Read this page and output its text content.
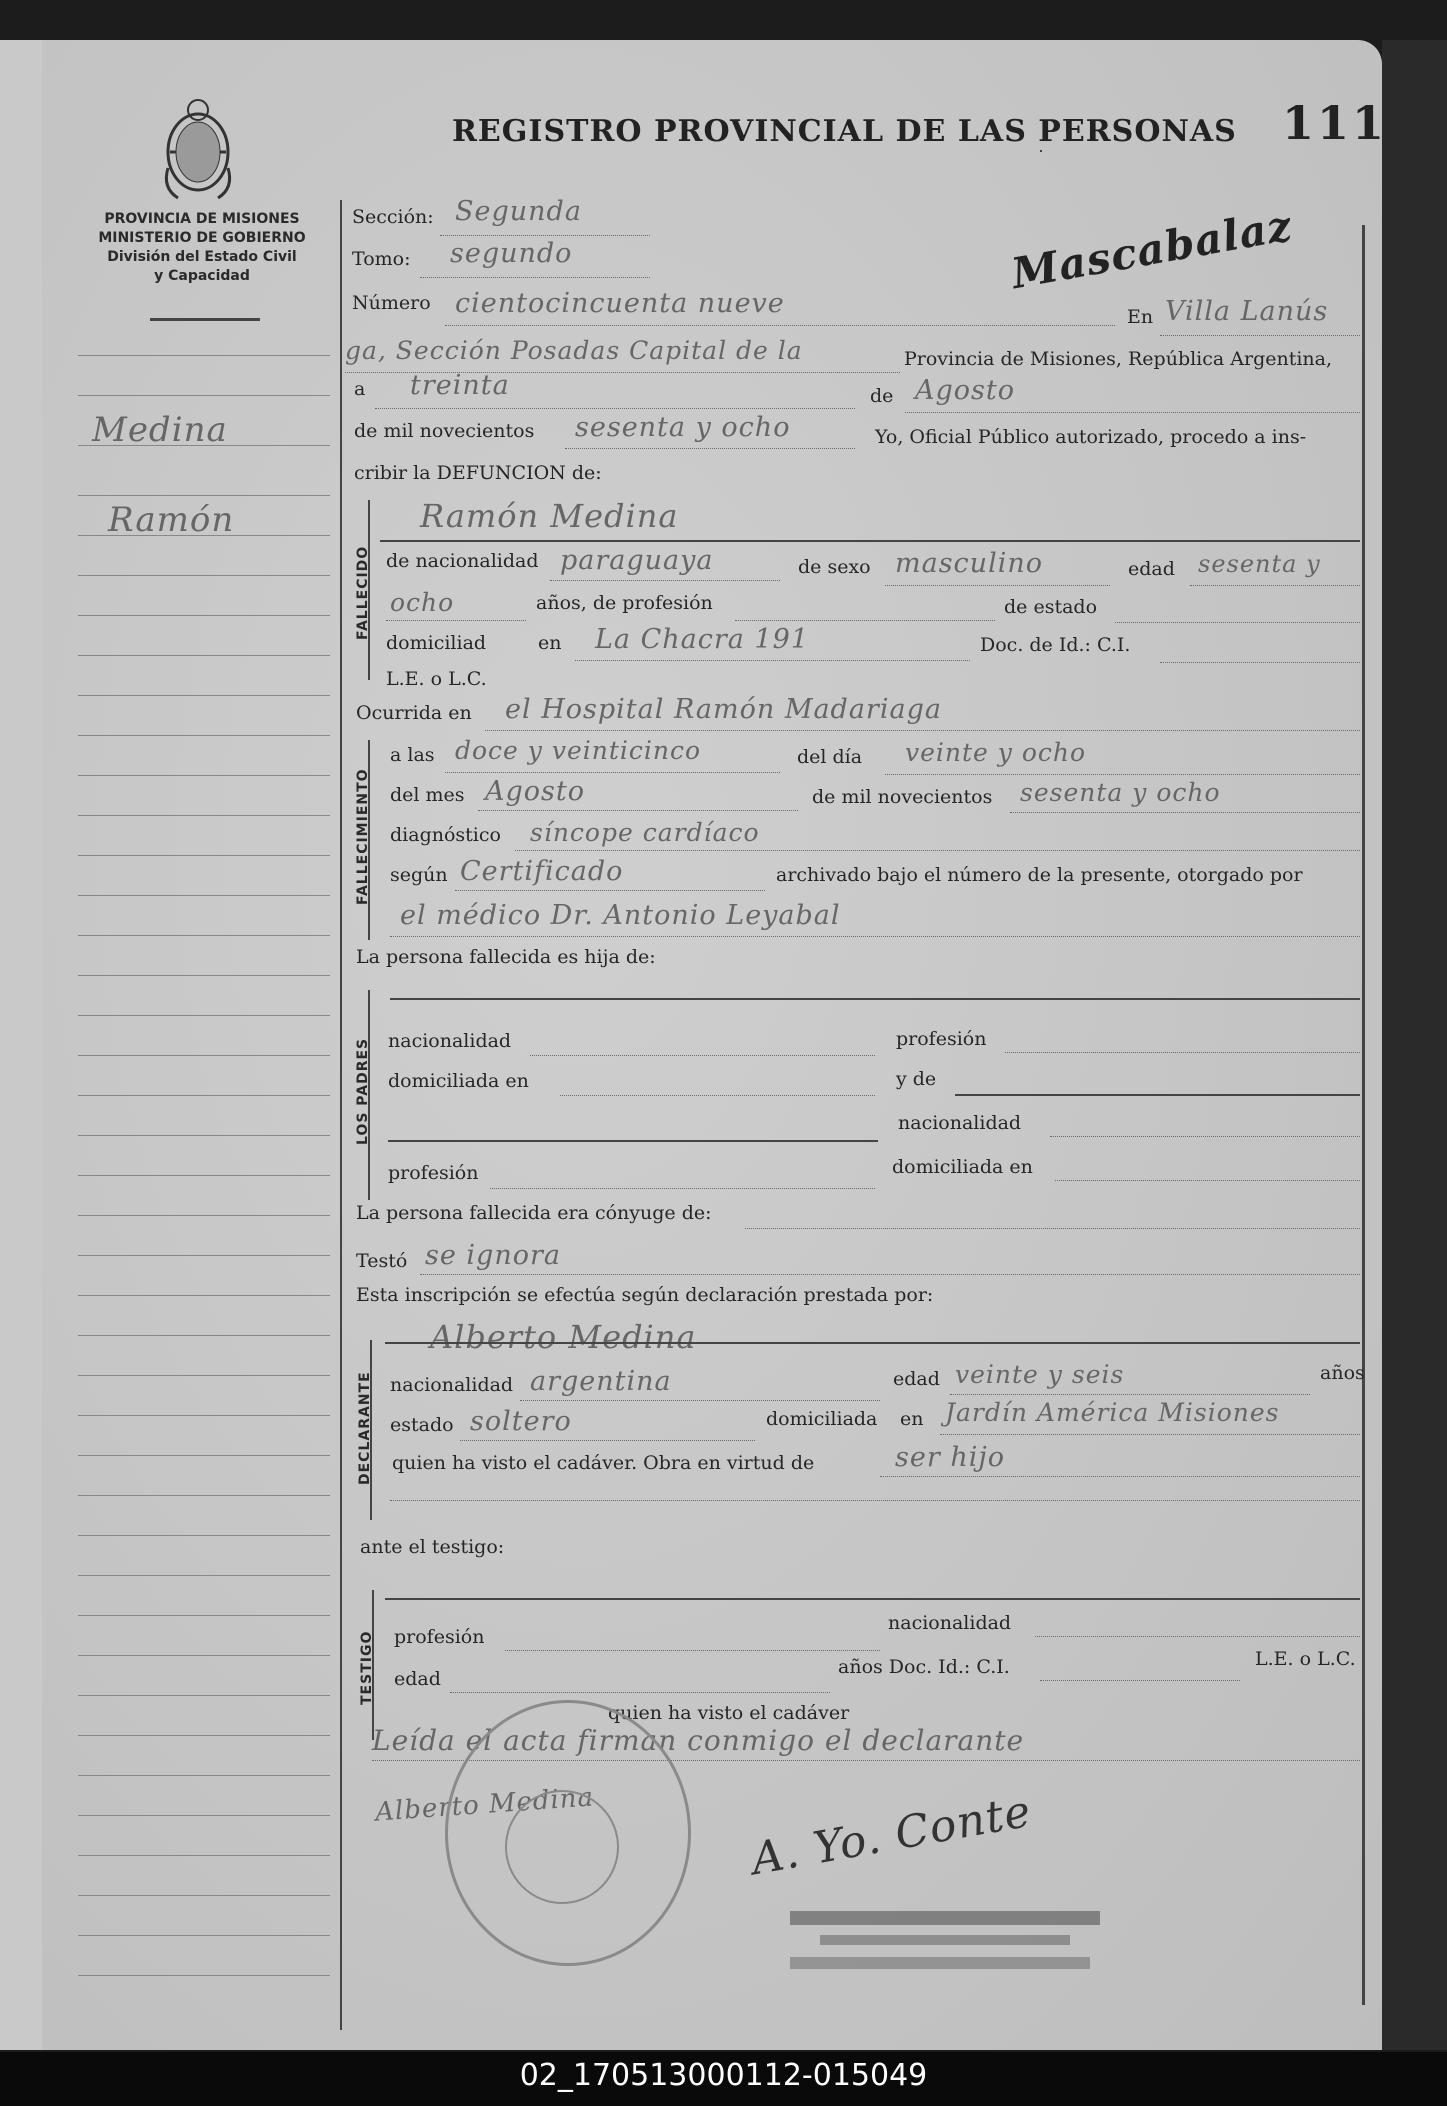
PROVINCIA DE MISIONES
MINISTERIO DE GOBIERNO
División del Estado Civil
y Capacidad
REGISTRO PROVINCIAL DE LAS PERSONAS 111
Mascabalaz
Medina
Ramón
Sección: Segunda
Tomo: segundo
Número cientocincuenta nueve	En Villa Lanús
ga, Sección Posadas Capital de la	Provincia de Misiones, República Argentina,
a treinta	de Agosto
de mil novecientos sesenta y ocho	Yo, Oficial Público autorizado, procedo a ins-
cribir la DEFUNCION de:
FALLECIDO
Ramón Medina
de nacionalidad paraguaya	de sexo masculino	edad sesenta y
ocho	años, de profesión	de estado
domiciliad	en La Chacra 191	Doc. de Id.: C.I.
L.E. o L.C.
Ocurrida en el Hospital Ramón Madariaga
FALLECIMIENTO
a las doce y veinticinco	del día veinte y ocho
del mes Agosto	de mil novecientos sesenta y ocho
diagnóstico síncope cardíaco
según Certificado	archivado bajo el número de la presente, otorgado por
el médico Dr. Antonio Leyabal
La persona fallecida es hija de:
LOS PADRES nacionalidad	profesión
domiciliada en	y de
nacionalidad
profesión	domiciliada en
La persona fallecida era cónyuge de:
Testó se ignora
Esta inscripción se efectúa según declaración prestada por:
Alberto Medina
DECLARANTE nacionalidad argentina	edad veinte y seis	años
estado soltero	domiciliada en Jardín América Misiones
quien ha visto el cadáver. Obra en virtud de	ser hijo
ante el testigo:
TESTIGO profesión
nacionalidad
edad
años Doc. Id.: C.I.	L.E. o L.C.
quien ha visto el cadáver
Leída el acta firman conmigo el declarante
Alberto Medina	A. Yo. Conte
02_170513000112-015049
